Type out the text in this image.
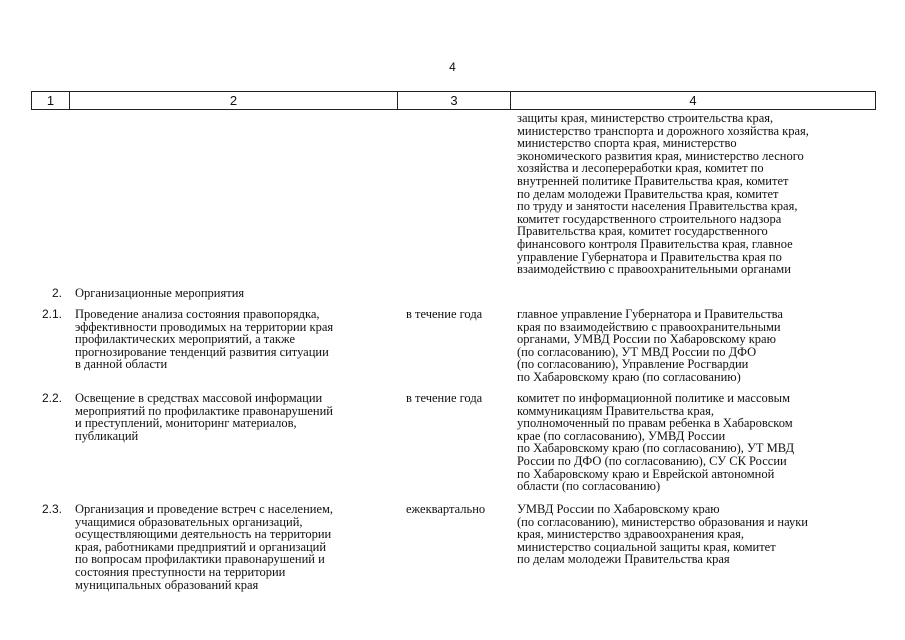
4
1	2	3	4
защиты края, министерство строительства края,
министерство транспорта и дорожного хозяйства края,
министерство спорта края, министерство
экономического развития края, министерство лесного
хозяйства и лесопереработки края, комитет по
внутренней политике Правительства края, комитет
по делам молодежи Правительства края, комитет
по труду и занятости населения Правительства края,
комитет государственного строительного надзора
Правительства края, комитет государственного
финансового контроля Правительства края, главное
управление Губернатора и Правительства края по
взаимодействию с правоохранительными органами
2. Организационные мероприятия
2.1. Проведение анализа состояния правопорядка,
эффективности проводимых на территории края
профилактических мероприятий, а также
прогнозирование тенденций развития ситуации
в данной области
в течение года	главное управление Губернатора и Правительства
края по взаимодействию с правоохранительными
органами, УМВД России по Хабаровскому краю
(по согласованию), УТ МВД России по ДФО
(по согласованию), Управление Росгвардии
по Хабаровскому краю (по согласованию)
2.2. Освещение в средствах массовой информации
мероприятий по профилактике правонарушений
и преступлений, мониторинг материалов,
публикаций
в течение года	комитет по информационной политике и массовым
коммуникациям Правительства края,
уполномоченный по правам ребенка в Хабаровском
крае (по согласованию), УМВД России
по Хабаровскому краю (по согласованию), УТ МВД
России по ДФО (по согласованию), СУ СК России
по Хабаровскому краю и Еврейской автономной
области (по согласованию)
2.3. Организация и проведение встреч с населением,
учащимися образовательных организаций,
осуществляющими деятельность на территории
края, работниками предприятий и организаций
по вопросам профилактики правонарушений и
состояния преступности на территории
муниципальных образований края
ежеквартально	УМВД России по Хабаровскому краю
(по согласованию), министерство образования и науки
края, министерство здравоохранения края,
министерство социальной защиты края, комитет
по делам молодежи Правительства края
